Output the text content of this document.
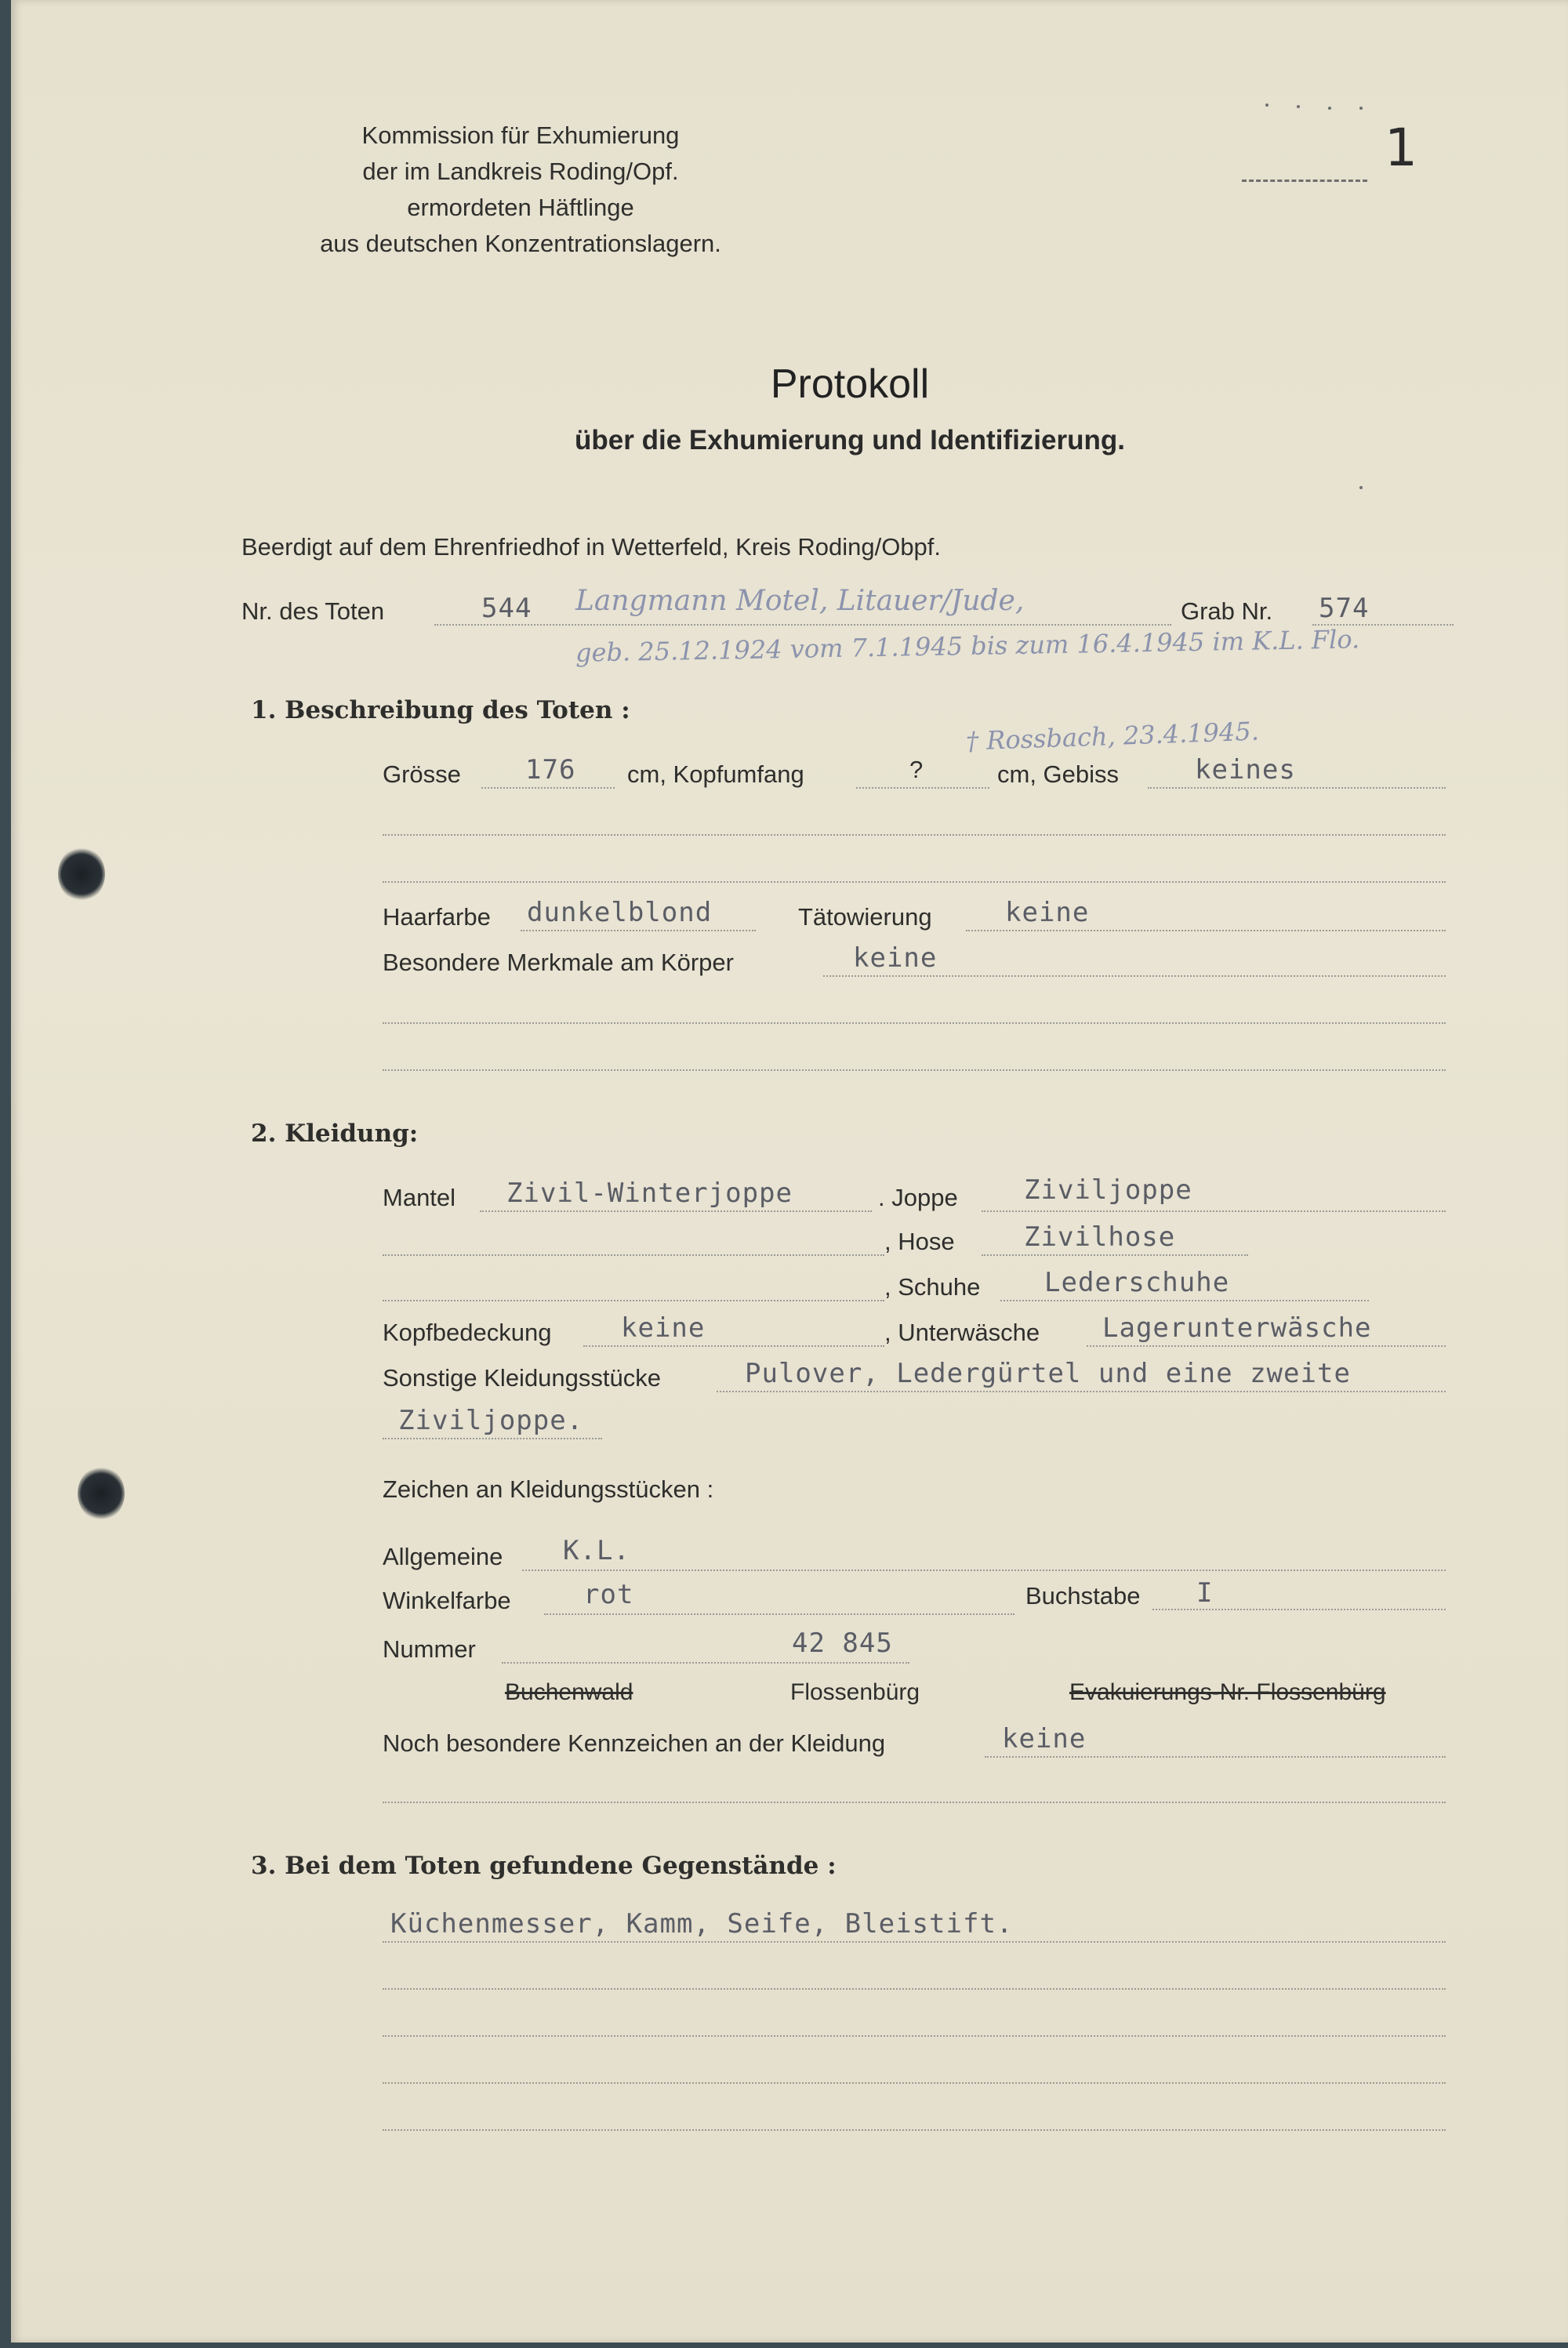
Kommission für Exhumierung
der im Landkreis Roding/Opf.
ermordeten Häftlinge
aus deutschen Konzentrationslagern.
1
Protokoll
über die Exhumierung und Identifizierung.
Beerdigt auf dem Ehrenfriedhof in Wetterfeld, Kreis Roding/Obpf.
Nr. des Toten	544 Langmann Motel, Litauer/Jude,	Grab Nr. 574
geb. 25.12.1924 vom 7.1.1945 bis zum 16.4.1945 im K.L. Flo.
1. Beschreibung des Toten :
† Rossbach, 23.4.1945.
Grösse 176 cm, Kopfumfang	?	cm, Gebiss	keines
Haarfarbe dunkelblond	Tätowierung	keine
Besondere Merkmale am Körper	keine
2. Kleidung:
Mantel Zivil-Winterjoppe	. Joppe Ziviljoppe
, Hose	Zivilhose
, Schuhe Lederschuhe
Kopfbedeckung	keine	, Unterwäsche Lagerunterwäsche
Sonstige Kleidungsstücke	Pulover, Ledergürtel und eine zweite
Ziviljoppe.
Zeichen an Kleidungsstücken :
Allgemeine K.L.
Winkelfarbe	rot	Buchstabe I
Nummer	42 845
Buchenwald	Flossenbürg	Evakuierungs-Nr. Flossenbürg
Noch besondere Kennzeichen an der Kleidung	keine
3. Bei dem Toten gefundene Gegenstände :
Küchenmesser, Kamm, Seife, Bleistift.
